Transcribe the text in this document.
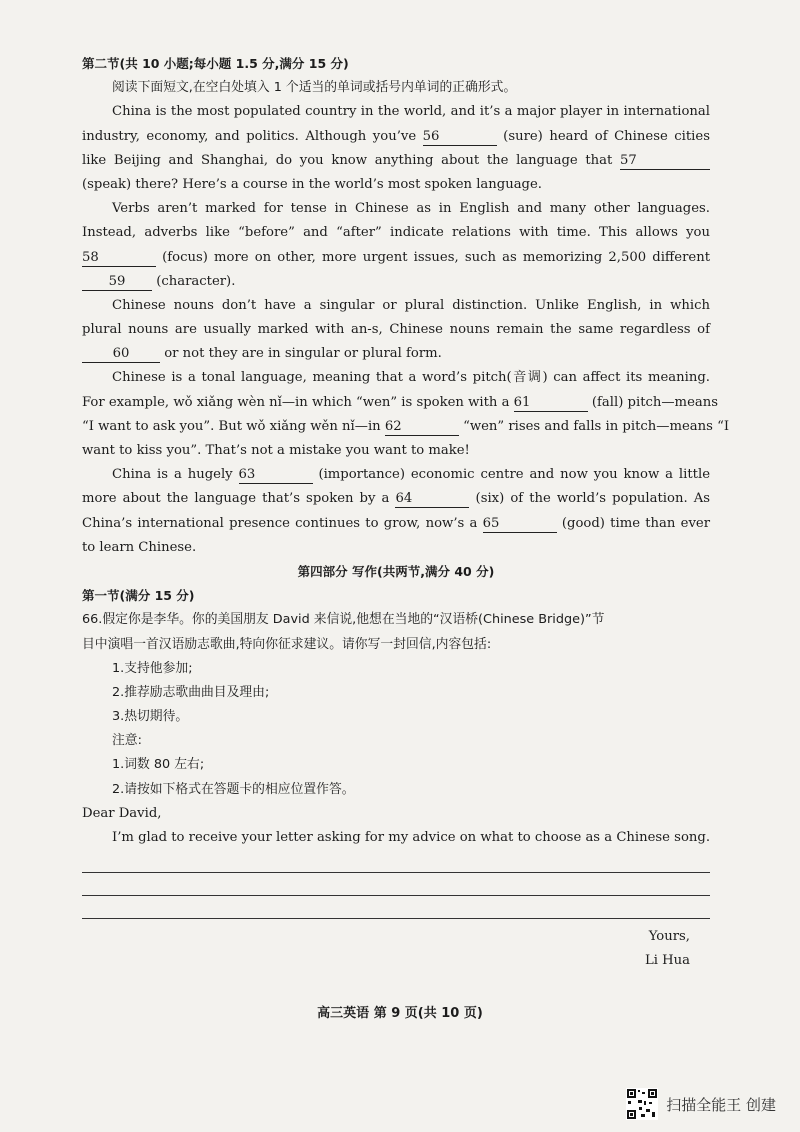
第二节(共 10 小题;每小题 1.5 分,满分 15 分)
阅读下面短文,在空白处填入 1 个适当的单词或括号内单词的正确形式。
China is the most populated country in the world, and it’s a major player in international
industry, economy, and politics. Although you’ve 56	(sure) heard of Chinese cities
like Beijing and Shanghai, do you know anything about the language that 57
(speak) there? Here’s a course in the world’s most spoken language.
Verbs aren’t marked for tense in Chinese as in English and many other languages.
Instead, adverbs like “before” and “after” indicate relations with time. This allows you
58	(focus) more on other, more urgent issues, such as memorizing 2,500 different
59 (character).
Chinese nouns don’t have a singular or plural distinction. Unlike English, in which
plural nouns are usually marked with an-s, Chinese nouns remain the same regardless of
60	or not they are in singular or plural form.
Chinese is a tonal language, meaning that a word’s pitch(音调) can affect its meaning.
For example, wǒ xiǎng wèn nǐ—in which “wen” is spoken with a 61	(fall) pitch—means
“I want to ask you”. But wǒ xiǎng wěn nǐ—in 62	“wen” rises and falls in pitch—means “I
want to kiss you”. That’s not a mistake you want to make!
China is a hugely 63	(importance) economic centre and now you know a little
more about the language that’s spoken by a 64	(six) of the world’s population. As
China’s international presence continues to grow, now’s a 65	(good) time than ever
to learn Chinese.
第四部分 写作(共两节,满分 40 分)
第一节(满分 15 分)
66.假定你是李华。你的美国朋友 David 来信说,他想在当地的“汉语桥(Chinese Bridge)”节
目中演唱一首汉语励志歌曲,特向你征求建议。请你写一封回信,内容包括:
1.支持他参加;
2.推荐励志歌曲曲目及理由;
3.热切期待。
注意:
1.词数 80 左右;
2.请按如下格式在答题卡的相应位置作答。
Dear David,
I’m glad to receive your letter asking for my advice on what to choose as a Chinese song.
Yours,
Li Hua
高三英语 第 9 页(共 10 页)
扫描全能王 创建
